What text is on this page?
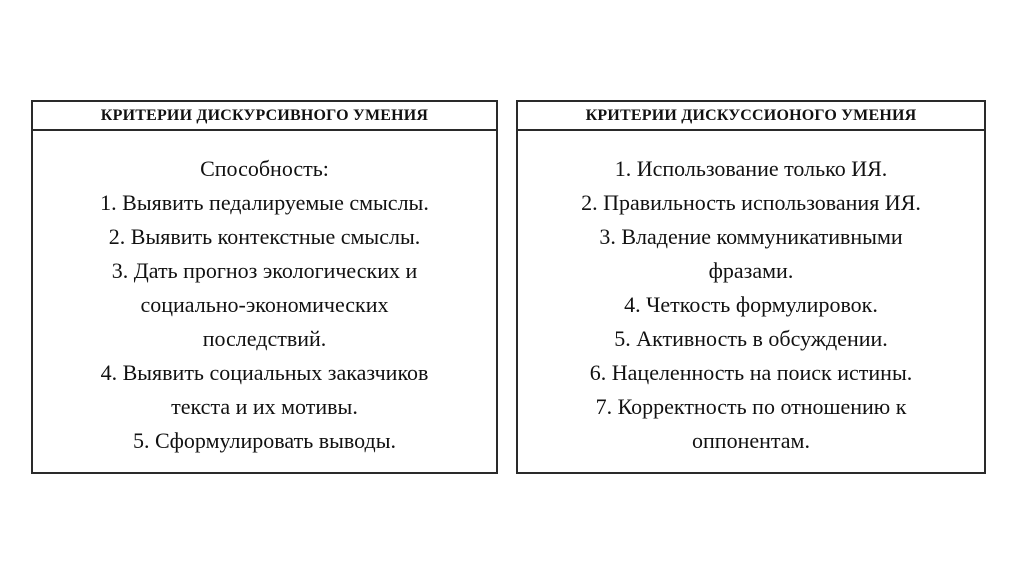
КРИТЕРИИ ДИСКУРСИВНОГО УМЕНИЯ
Способность:
1. Выявить педалируемые смыслы.
2. Выявить контекстные смыслы.
3. Дать прогноз экологических и
социально-экономических
последствий.
4. Выявить социальных заказчиков
текста и их мотивы.
5. Сформулировать выводы.
КРИТЕРИИ ДИСКУССИОНОГО УМЕНИЯ
1. Использование только ИЯ.
2. Правильность использования ИЯ.
3. Владение коммуникативными
фразами.
4. Четкость формулировок.
5. Активность в обсуждении.
6. Нацеленность на поиск истины.
7. Корректность по отношению к
оппонентам.
